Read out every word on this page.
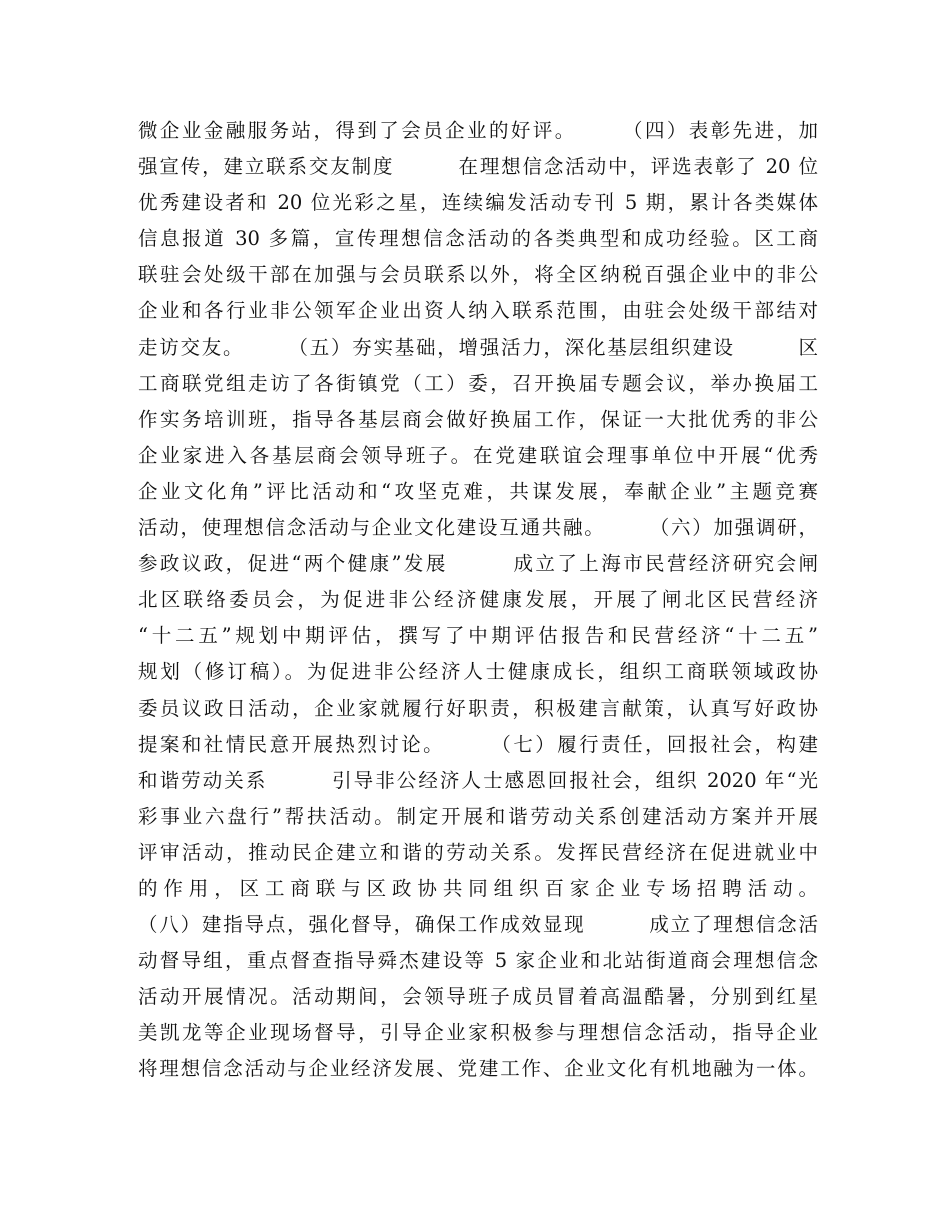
微企业金融服务站，得到了会员企业的好评。　　　（四）表彰先进，加
强宣传，建立联系交友制度　　　在理想信念活动中，评选表彰了 20 位
优秀建设者和 20 位光彩之星，连续编发活动专刊 5 期，累计各类媒体
信息报道 30 多篇，宣传理想信念活动的各类典型和成功经验。区工商
联驻会处级干部在加强与会员联系以外，将全区纳税百强企业中的非公
企业和各行业非公领军企业出资人纳入联系范围，由驻会处级干部结对
走访交友。　　　（五）夯实基础，增强活力，深化基层组织建设　　　区
工商联党组走访了各街镇党（工）委，召开换届专题会议，举办换届工
作实务培训班，指导各基层商会做好换届工作，保证一大批优秀的非公
企业家进入各基层商会领导班子。在党建联谊会理事单位中开展“优秀
企业文化角”评比活动和“攻坚克难，共谋发展，奉献企业”主题竞赛
活动，使理想信念活动与企业文化建设互通共融。　　　（六）加强调研，
参政议政，促进“两个健康”发展　　　成立了上海市民营经济研究会闸
北区联络委员会，为促进非公经济健康发展，开展了闸北区民营经济
“十二五”规划中期评估，撰写了中期评估报告和民营经济“十二五”
规划（修订稿）。为促进非公经济人士健康成长，组织工商联领域政协
委员议政日活动，企业家就履行好职责，积极建言献策，认真写好政协
提案和社情民意开展热烈讨论。　　　（七）履行责任，回报社会，构建
和谐劳动关系　　　引导非公经济人士感恩回报社会，组织 2020 年“光
彩事业六盘行”帮扶活动。制定开展和谐劳动关系创建活动方案并开展
评审活动，推动民企建立和谐的劳动关系。发挥民营经济在促进就业中
的作用，区工商联与区政协共同组织百家企业专场招聘活动。
（八）建指导点，强化督导，确保工作成效显现　　　成立了理想信念活
动督导组，重点督查指导舜杰建设等 5 家企业和北站街道商会理想信念
活动开展情况。活动期间，会领导班子成员冒着高温酷暑，分别到红星
美凯龙等企业现场督导，引导企业家积极参与理想信念活动，指导企业
将理想信念活动与企业经济发展、党建工作、企业文化有机地融为一体。
